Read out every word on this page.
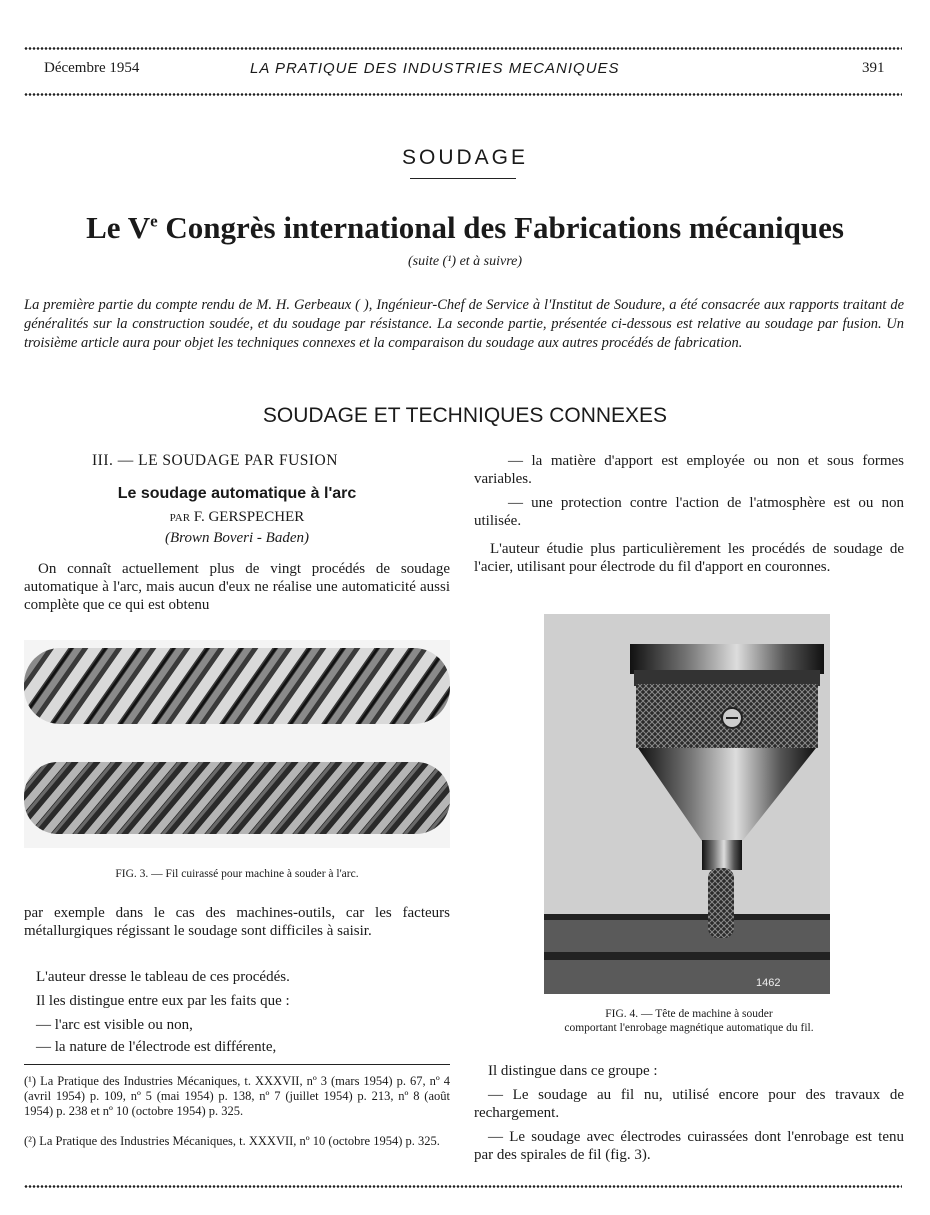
Décembre 1954	LA PRATIQUE DES INDUSTRIES MECANIQUES	391
SOUDAGE
Le Ve Congrès international des Fabrications mécaniques
(suite (¹) et à suivre)
La première partie du compte rendu de M. H. Gerbeaux ( ), Ingénieur-Chef de Service à l'Institut de Soudure, a été consacrée aux rapports traitant de généralités sur la construction soudée, et du soudage par résistance. La seconde partie, présentée ci-dessous est relative au soudage par fusion. Un troisième article aura pour objet les techniques connexes et la comparaison du soudage aux autres procédés de fabrication.
SOUDAGE ET TECHNIQUES CONNEXES
III. — LE SOUDAGE PAR FUSION
Le soudage automatique à l'arc
par F. GERSPECHER
(Brown Boveri - Baden)
On connaît actuellement plus de vingt procédés de soudage automatique à l'arc, mais aucun d'eux ne réalise une automaticité aussi complète que ce qui est obtenu
FIG. 3. — Fil cuirassé pour machine à souder à l'arc.
par exemple dans le cas des machines-outils, car les facteurs métallurgiques régissant le soudage sont difficiles à saisir.
L'auteur dresse le tableau de ces procédés.
Il les distingue entre eux par les faits que :
— l'arc est visible ou non,
— la nature de l'électrode est différente,
(¹) La Pratique des Industries Mécaniques, t. XXXVII, nº 3 (mars 1954) p. 67, nº 4 (avril 1954) p. 109, nº 5 (mai 1954) p. 138, nº 7 (juillet 1954) p. 213, nº 8 (août 1954) p. 238 et nº 10 (octobre 1954) p. 325.
(²) La Pratique des Industries Mécaniques, t. XXXVII, nº 10 (octobre 1954) p. 325.
— la matière d'apport est employée ou non et sous formes variables.
— une protection contre l'action de l'atmosphère est ou non utilisée.
L'auteur étudie plus particulièrement les procédés de soudage de l'acier, utilisant pour électrode du fil d'apport en couronnes.
1462
FIG. 4. — Tête de machine à souder
comportant l'enrobage magnétique automatique du fil.
Il distingue dans ce groupe :
— Le soudage au fil nu, utilisé encore pour des travaux de rechargement.
— Le soudage avec électrodes cuirassées dont l'enrobage est tenu par des spirales de fil (fig. 3).
